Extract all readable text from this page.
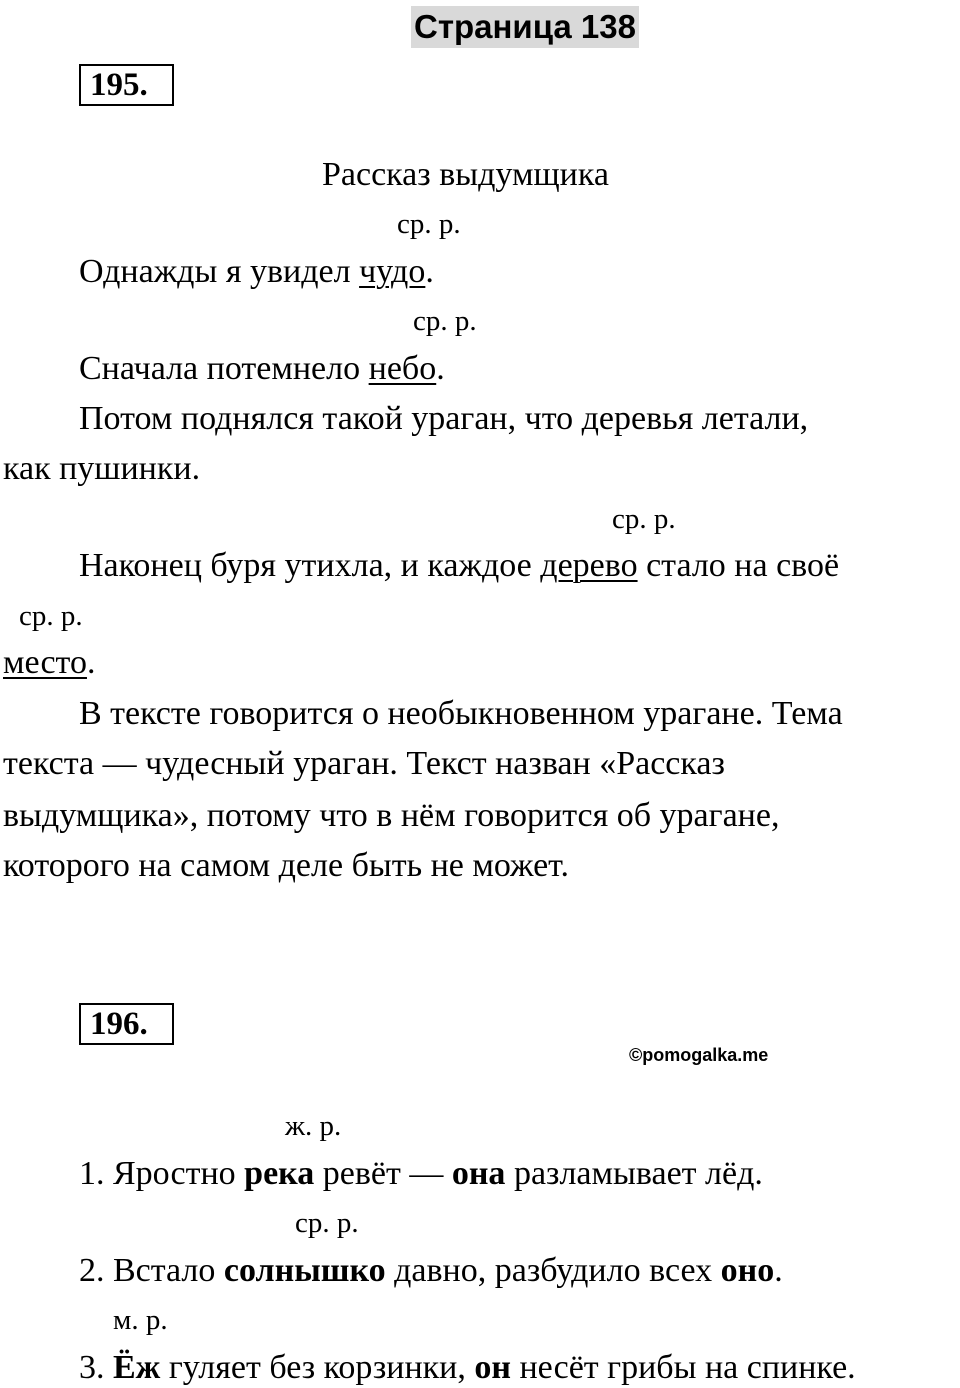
Страница 138
195.
Рассказ выдумщика
ср. р.
Однажды я увидел чудо.
ср. р.
Сначала потемнело небо.
Потом поднялся такой ураган, что деревья летали,
как пушинки.
ср. р.
Наконец буря утихла, и каждое дерево стало на своё
ср. р.
место.
В тексте говорится о необыкновенном урагане. Тема
текста — чудесный ураган. Текст назван «Рассказ
выдумщика», потому что в нём говорится об урагане,
которого на самом деле быть не может.
196.
©pomogalka.me
ж. р.
1. Яростно река ревёт — она разламывает лёд.
ср. р.
2. Встало солнышко давно, разбудило всех оно.
м. р.
3. Ёж гуляет без корзинки, он несёт грибы на спинке.
